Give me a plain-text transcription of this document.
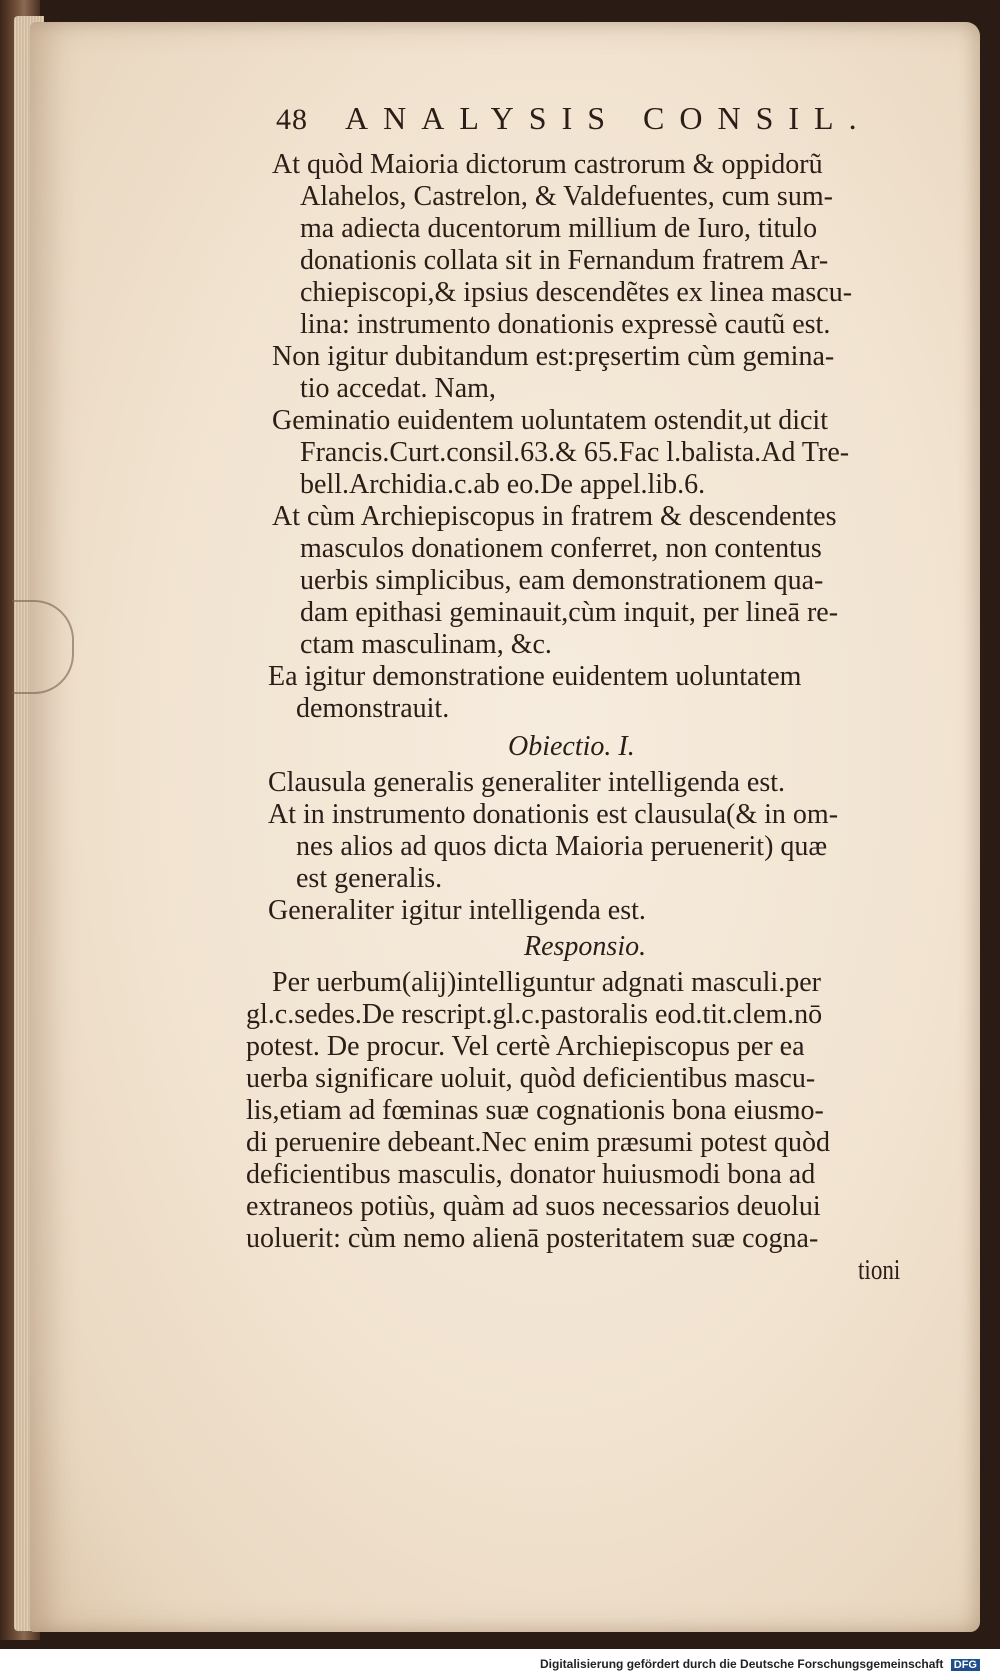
48 ANALYSIS CONSIL.
At quòd Maioria dictorum castrorum & oppidorũ
Alahelos, Castrelon, & Valdefuentes, cum sum-
ma adiecta ducentorum millium de Iuro, titulo
donationis collata sit in Fernandum fratrem Ar-
chiepiscopi,& ipsius descendẽtes ex linea mascu-
lina: instrumento donationis expressè cautũ est.
Non igitur dubitandum est:prȩsertim cùm gemina-
tio accedat. Nam,
Geminatio euidentem uoluntatem ostendit,ut dicit
Francis.Curt.consil.63.& 65.Fac l.balista.Ad Tre-
bell.Archidia.c.ab eo.De appel.lib.6.
At cùm Archiepiscopus in fratrem & descendentes
masculos donationem conferret, non contentus
uerbis simplicibus, eam demonstrationem qua-
dam epithasi geminauit,cùm inquit, per lineā re-
ctam masculinam, &c.
Ea igitur demonstratione euidentem uoluntatem
demonstrauit.
Obiectio. I.
Clausula generalis generaliter intelligenda est.
At in instrumento donationis est clausula(& in om-
nes alios ad quos dicta Maioria peruenerit) quæ
est generalis.
Generaliter igitur intelligenda est.
Responsio.
Per uerbum(alij)intelliguntur adgnati masculi.per
gl.c.sedes.De rescript.gl.c.pastoralis eod.tit.clem.nō
potest. De procur. Vel certè Archiepiscopus per ea
uerba significare uoluit, quòd deficientibus mascu-
lis,etiam ad fœminas suæ cognationis bona eiusmo-
di peruenire debeant.Nec enim præsumi potest quòd
deficientibus masculis, donator huiusmodi bona ad
extraneos potiùs, quàm ad suos necessarios deuolui
uoluerit: cùm nemo alienā posteritatem suæ cogna-
tioni
Digitalisierung gefördert durch die Deutsche Forschungsgemeinschaft DFG
